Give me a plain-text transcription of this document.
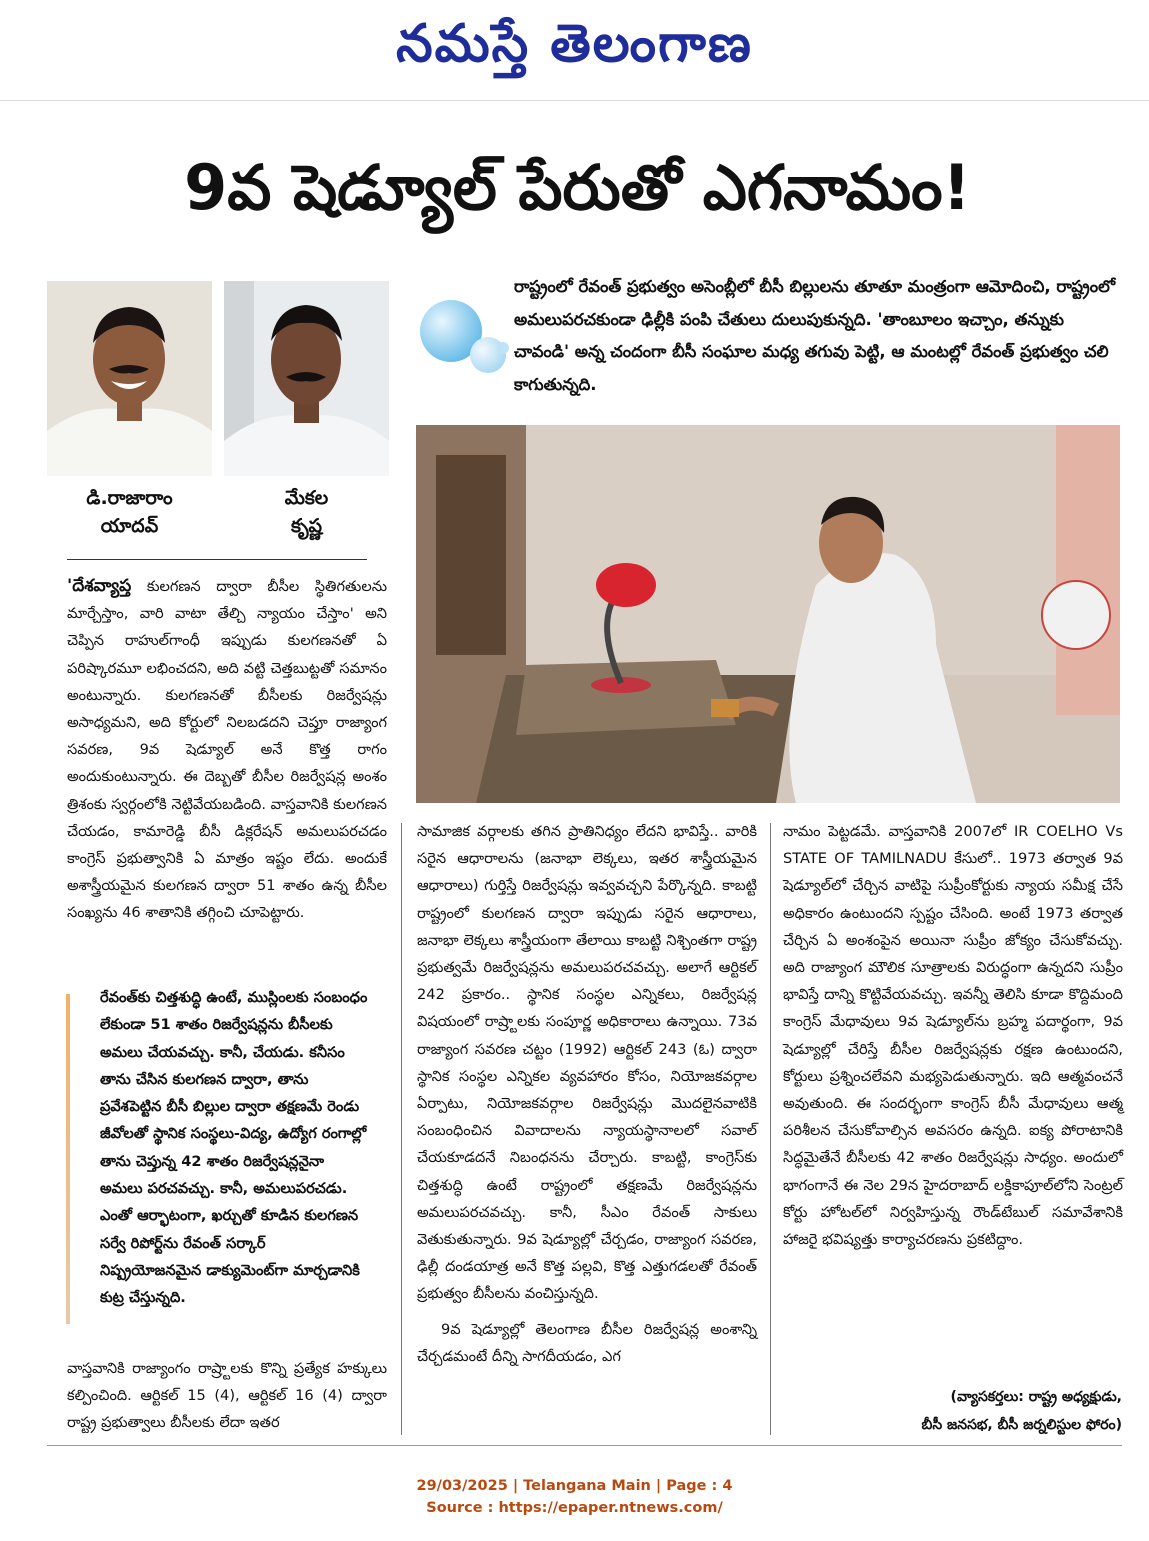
నమస్తే తెలంగాణ
9వ షెడ్యూల్ పేరుతో ఎగనామం!
డి.రాజారాం
యాదవ్
మేకల
కృష్ణ
రాష్ట్రంలో రేవంత్ ప్రభుత్వం అసెంబ్లీలో బీసీ బిల్లులను తూతూ మంత్రంగా ఆమోదించి, రాష్ట్రంలో అమలుపరచకుండా ఢిల్లీకి పంపి చేతులు దులుపుకున్నది. 'తాంబూలం ఇచ్చాం, తన్నుకు చావండి' అన్న చందంగా బీసీ సంఘాల మధ్య తగువు పెట్టి, ఆ మంటల్లో రేవంత్ ప్రభుత్వం చలి కాగుతున్నది.

'దేశవ్యాప్త కులగణన ద్వారా బీసీల స్థితిగతులను మార్చేస్తాం, వారి వాటా తేల్చి న్యాయం చేస్తాం' అని చెప్పిన రాహుల్‌గాంధీ ఇప్పుడు కులగణనతో ఏ పరిష్కారమూ లభించదని, అది వట్టి చెత్తబుట్టతో సమానం అంటున్నారు. కులగణనతో బీసీలకు రిజర్వేషన్లు అసాధ్యమని, అది కోర్టులో నిలబడదని చెప్తూ రాజ్యాంగ సవరణ, 9వ షెడ్యూల్ అనే కొత్త రాగం అందుకుంటున్నారు. ఈ దెబ్బతో బీసీల రిజర్వేషన్ల అంశం త్రిశంకు స్వర్గంలోకి నెట్టివేయబడింది. వాస్తవానికి కులగణన చేయడం, కామారెడ్డి బీసీ డిక్లరేషన్ అమలుపరచడం కాంగ్రెస్ ప్రభుత్వానికి ఏ మాత్రం ఇష్టం లేదు. అందుకే అశాస్త్రీయమైన కులగణన ద్వారా 51 శాతం ఉన్న బీసీల సంఖ్యను 46 శాతానికి తగ్గించి చూపెట్టారు.

రేవంత్‌కు చిత్తశుద్ధి ఉంటే, ముస్లింలకు సంబంధం లేకుండా 51 శాతం రిజర్వేషన్లను బీసీలకు అమలు చేయవచ్చు. కానీ, చేయడు. కనీసం తాను చేసిన కులగణన ద్వారా, తాను ప్రవేశపెట్టిన బీసీ బిల్లుల ద్వారా తక్షణమే రెండు జీవోలతో స్థానిక సంస్థలు-విద్య, ఉద్యోగ రంగాల్లో తాను చెప్తున్న 42 శాతం రిజర్వేషన్లనైనా అమలు పరచవచ్చు. కానీ, అమలుపరచడు. ఎంతో ఆర్భాటంగా, ఖర్చుతో కూడిన కులగణన సర్వే రిపోర్ట్‌ను రేవంత్ సర్కార్ నిష్ప్రయోజనమైన డాక్యుమెంట్‌గా మార్చడానికి కుట్ర చేస్తున్నది.

వాస్తవానికి రాజ్యాంగం రాష్ర్టాలకు కొన్ని ప్రత్యేక హక్కులు కల్పించింది. ఆర్టికల్ 15 (4), ఆర్టికల్ 16 (4) ద్వారా రాష్ట్ర ప్రభుత్వాలు బీసీలకు లేదా ఇతర

సామాజిక వర్గాలకు తగిన ప్రాతినిధ్యం లేదని భావిస్తే.. వారికి సరైన ఆధారాలను (జనాభా లెక్కలు, ఇతర శాస్త్రీయమైన ఆధారాలు) గుర్తిస్తే రిజర్వేషన్లు ఇవ్వవచ్చని పేర్కొన్నది. కాబట్టి రాష్ట్రంలో కులగణన ద్వారా ఇప్పుడు సరైన ఆధారాలు, జనాభా లెక్కలు శాస్త్రీయంగా తేలాయి కాబట్టి నిశ్చింతగా రాష్ట్ర ప్రభుత్వమే రిజర్వేషన్లను అమలుపరచవచ్చు. అలాగే ఆర్టికల్ 242 ప్రకారం.. స్థానిక సంస్థల ఎన్నికలు, రిజర్వేషన్ల విషయంలో రాష్ర్టాలకు సంపూర్ణ అధికారాలు ఉన్నాయి. 73వ రాజ్యాంగ సవరణ చట్టం (1992) ఆర్టికల్ 243 (ఓ) ద్వారా స్థానిక సంస్థల ఎన్నికల వ్యవహారం కోసం, నియోజకవర్గాల ఏర్పాటు, నియోజకవర్గాల రిజర్వేషన్లు మొదలైనవాటికి సంబంధించిన వివాదాలను న్యాయస్థానాలలో సవాల్ చేయకూడదనే నిబంధనను చేర్చారు. కాబట్టి, కాంగ్రెస్‌కు చిత్తశుద్ధి ఉంటే రాష్ట్రంలో తక్షణమే రిజర్వేషన్లను అమలుపరచవచ్చు. కానీ, సీఎం రేవంత్ సాకులు వెతుకుతున్నారు. 9వ షెడ్యూల్లో చేర్చడం, రాజ్యాంగ సవరణ, ఢిల్లీ దండయాత్ర అనే కొత్త పల్లవి, కొత్త ఎత్తుగడలతో రేవంత్ ప్రభుత్వం బీసీలను వంచిస్తున్నది.

9వ షెడ్యూల్లో తెలంగాణ బీసీల రిజర్వేషన్ల అంశాన్ని చేర్చడమంటే దీన్ని సాగదీయడం, ఎగ

నామం పెట్టడమే. వాస్తవానికి 2007లో IR COELHO Vs STATE OF TAMILNADU కేసులో.. 1973 తర్వాత 9వ షెడ్యూల్‌లో చేర్చిన వాటిపై సుప్రీంకోర్టుకు న్యాయ సమీక్ష చేసే అధికారం ఉంటుందని స్పష్టం చేసింది. అంటే 1973 తర్వాత చేర్చిన ఏ అంశంపైన అయినా సుప్రీం జోక్యం చేసుకోవచ్చు. అది రాజ్యాంగ మౌలిక సూత్రాలకు విరుద్ధంగా ఉన్నదని సుప్రీం భావిస్తే దాన్ని కొట్టివేయవచ్చు. ఇవన్నీ తెలిసి కూడా కొద్దిమంది కాంగ్రెస్ మేధావులు 9వ షెడ్యూల్‌ను బ్రహ్మ పదార్థంగా, 9వ షెడ్యూల్లో చేరిస్తే బీసీల రిజర్వేషన్లకు రక్షణ ఉంటుందని, కోర్టులు ప్రశ్నించలేవని మభ్యపెడుతున్నారు. ఇది ఆత్మవంచనే అవుతుంది. ఈ సందర్భంగా కాంగ్రెస్ బీసీ మేధావులు ఆత్మ పరిశీలన చేసుకోవాల్సిన అవసరం ఉన్నది. ఐక్య పోరాటానికి సిద్ధమైతేనే బీసీలకు 42 శాతం రిజర్వేషన్లు సాధ్యం. అందులో భాగంగానే ఈ నెల 29న హైదరాబాద్ లక్డికాపూల్‌లోని సెంట్రల్ కోర్టు హోటల్‌లో నిర్వహిస్తున్న రౌండ్‌టేబుల్ సమావేశానికి హాజరై భవిష్యత్తు కార్యాచరణను ప్రకటిద్దాం.

(వ్యాసకర్తలు: రాష్ట్ర అధ్యక్షుడు,
బీసీ జనసభ, బీసీ జర్నలిస్టుల ఫోరం)
29/03/2025 | Telangana Main | Page : 4
Source : https://epaper.ntnews.com/
